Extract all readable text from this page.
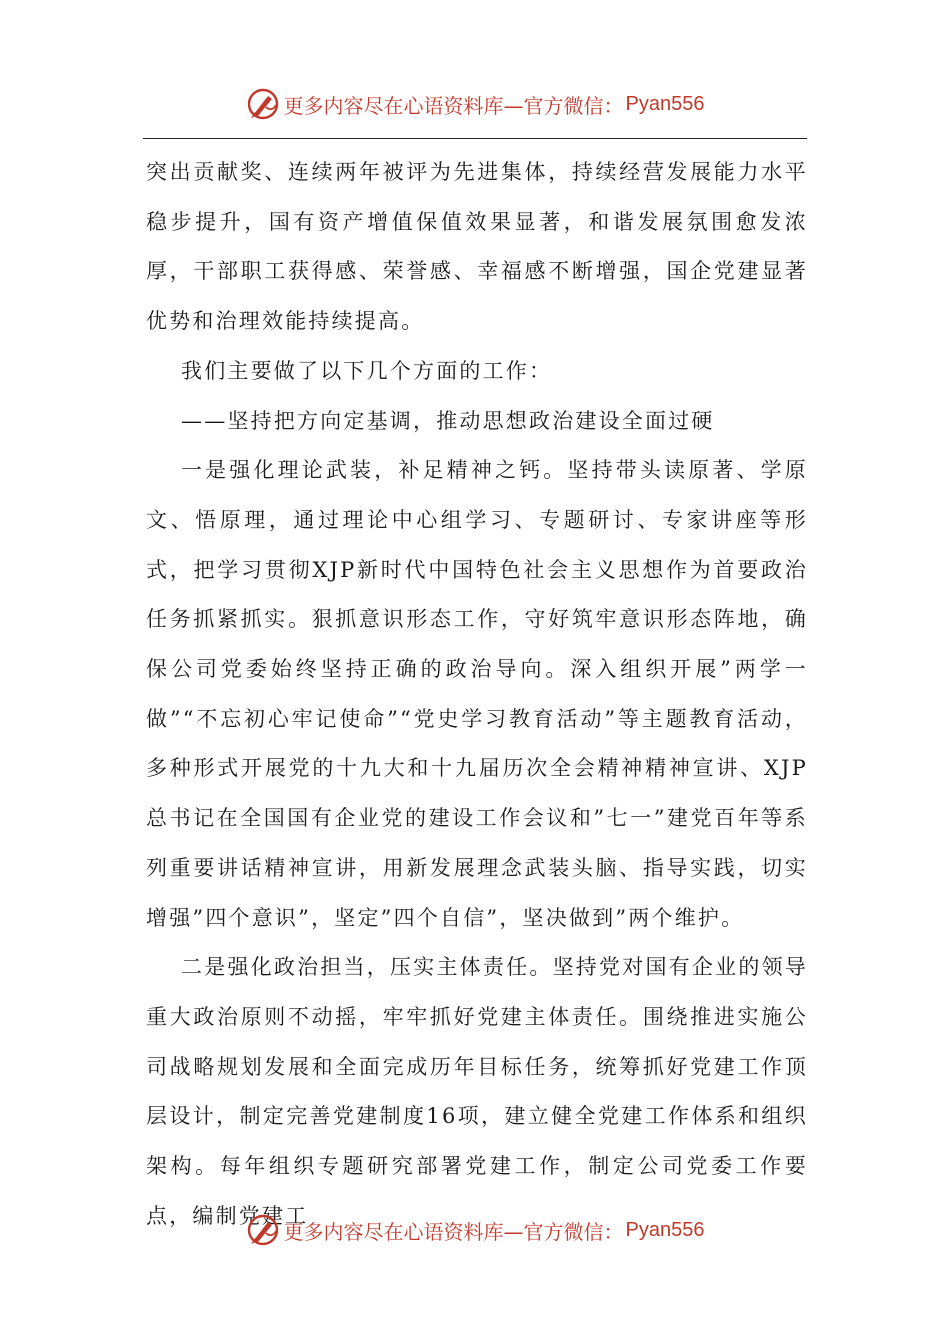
更多内容尽在心语资料库—官方微信： Pyan556

突出贡献奖、连续两年被评为先进集体，持续经营发展能力水平稳步提升，国有资产增值保值效果显著，和谐发展氛围愈发浓厚，干部职工获得感、荣誉感、幸福感不断增强，国企党建显著优势和治理效能持续提高。

我们主要做了以下几个方面的工作：

——坚持把方向定基调，推动思想政治建设全面过硬

一是强化理论武装，补足精神之钙。坚持带头读原著、学原文、悟原理，通过理论中心组学习、专题研讨、专家讲座等形式，把学习贯彻XJP新时代中国特色社会主义思想作为首要政治任务抓紧抓实。狠抓意识形态工作，守好筑牢意识形态阵地，确保公司党委始终坚持正确的政治导向。深入组织开展”两学一做”“不忘初心牢记使命”“党史学习教育活动”等主题教育活动，多种形式开展党的十九大和十九届历次全会精神精神宣讲、XJP总书记在全国国有企业党的建设工作会议和”七一”建党百年等系列重要讲话精神宣讲，用新发展理念武装头脑、指导实践，切实增强”四个意识”，坚定”四个自信”，坚决做到”两个维护。

二是强化政治担当，压实主体责任。坚持党对国有企业的领导重大政治原则不动摇，牢牢抓好党建主体责任。围绕推进实施公司战略规划发展和全面完成历年目标任务，统筹抓好党建工作顶层设计，制定完善党建制度16项，建立健全党建工作体系和组织架构。每年组织专题研究部署党建工作，制定公司党委工作要点，编制党建工

更多内容尽在心语资料库—官方微信： Pyan556
